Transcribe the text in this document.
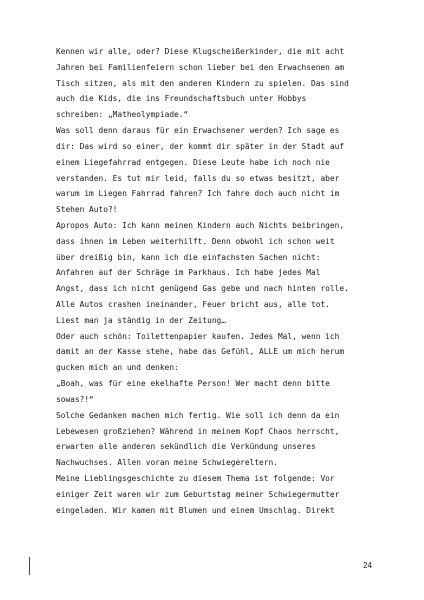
Kennen wir alle, oder? Diese Klugscheißerkinder, die mit acht
Jahren bei Familienfeiern schon lieber bei den Erwachsenen am
Tisch sitzen, als mit den anderen Kindern zu spielen. Das sind
auch die Kids, die ins Freundschaftsbuch unter Hobbys
schreiben: „Matheolympiade.“
Was soll denn daraus für ein Erwachsener werden? Ich sage es
dir: Das wird so einer, der kommt dir später in der Stadt auf
einem Liegefahrrad entgegen. Diese Leute habe ich noch nie
verstanden. Es tut mir leid, falls du so etwas besitzt, aber
warum im Liegen Fahrrad fahren? Ich fahre doch auch nicht im
Stehen Auto?!
Apropos Auto: Ich kann meinen Kindern auch Nichts beibringen,
dass ihnen im Leben weiterhilft. Denn obwohl ich schon weit
über dreißig bin, kann ich die einfachsten Sachen nicht:
Anfahren auf der Schräge im Parkhaus. Ich habe jedes Mal
Angst, dass ich nicht genügend Gas gebe und nach hinten rolle.
Alle Autos crashen ineinander, Feuer bricht aus, alle tot.
Liest man ja ständig in der Zeitung…
Oder auch schön: Toilettenpapier kaufen. Jedes Mal, wenn ich
damit an der Kasse stehe, habe das Gefühl, ALLE um mich herum
gucken mich an und denken:
„Boah, was für eine ekelhafte Person! Wer macht denn bitte
sowas?!“
Solche Gedanken machen mich fertig. Wie soll ich denn da ein
Lebewesen großziehen? Während in meinem Kopf Chaos herrscht,
erwarten alle anderen sekündlich die Verkündung unseres
Nachwuchses. Allen voran meine Schwiegereltern.
Meine Lieblingsgeschichte zu diesem Thema ist folgende: Vor
einiger Zeit waren wir zum Geburtstag meiner Schwiegermutter
eingeladen. Wir kamen mit Blumen und einem Umschlag. Direkt
24
